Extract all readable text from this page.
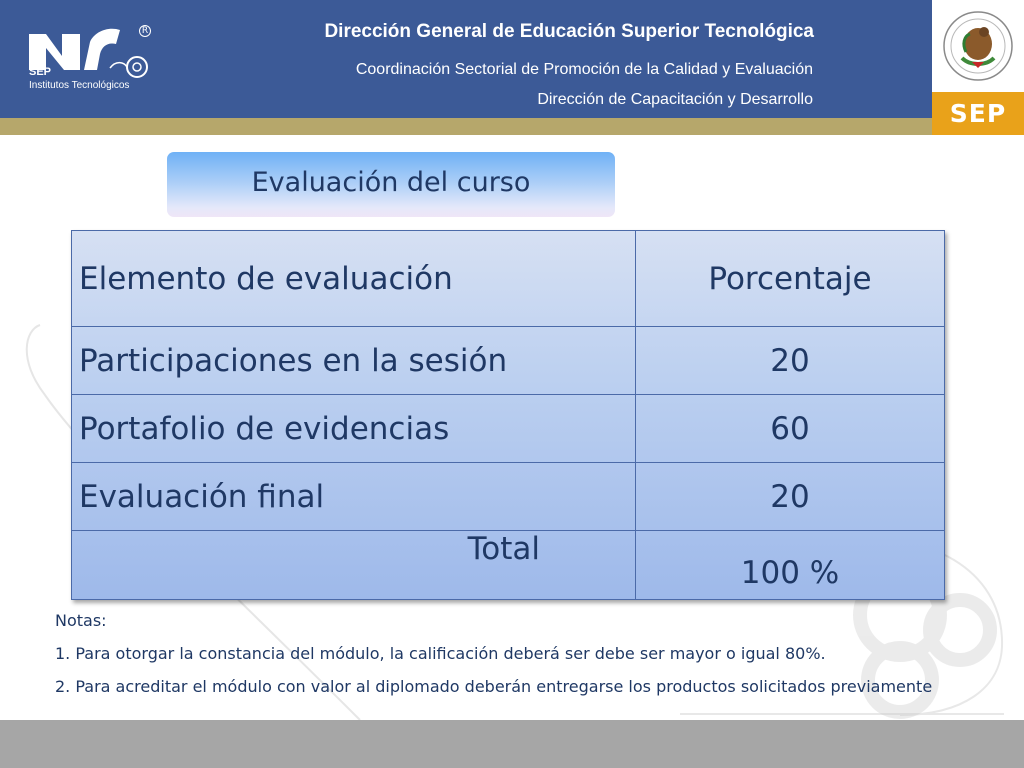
R
SEP
Institutos Tecnológicos
Dirección General de Educación Superior Tecnológica
Coordinación Sectorial de Promoción de la Calidad y Evaluación
Dirección de Capacitación y Desarrollo	SEP
Evaluación del curso
Elemento de evaluación	Porcentaje
Participaciones en la sesión	20
Portafolio de evidencias	60
Evaluación final	20
Total	100 %
Notas:
1. Para otorgar la constancia del módulo, la calificación deberá ser debe ser mayor o igual 80%.
2. Para acreditar el módulo con valor al diplomado deberán entregarse los productos solicitados previamente
